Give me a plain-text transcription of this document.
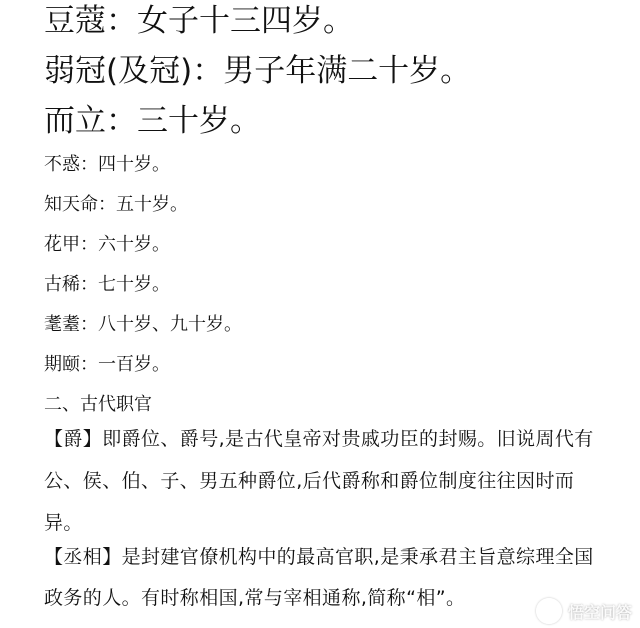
豆蔻：女子十三四岁。
弱冠(及冠)：男子年满二十岁。
而立：三十岁。
不惑：四十岁。
知天命：五十岁。
花甲：六十岁。
古稀：七十岁。
耄耋：八十岁、九十岁。
期颐：一百岁。
二、古代职官
【爵】即爵位、爵号,是古代皇帝对贵戚功臣的封赐。旧说周代有
公、侯、伯、子、男五种爵位,后代爵称和爵位制度往往因时而
异。
【丞相】是封建官僚机构中的最高官职,是秉承君主旨意综理全国
政务的人。有时称相国,常与宰相通称,简称“相”。
悟空问答
